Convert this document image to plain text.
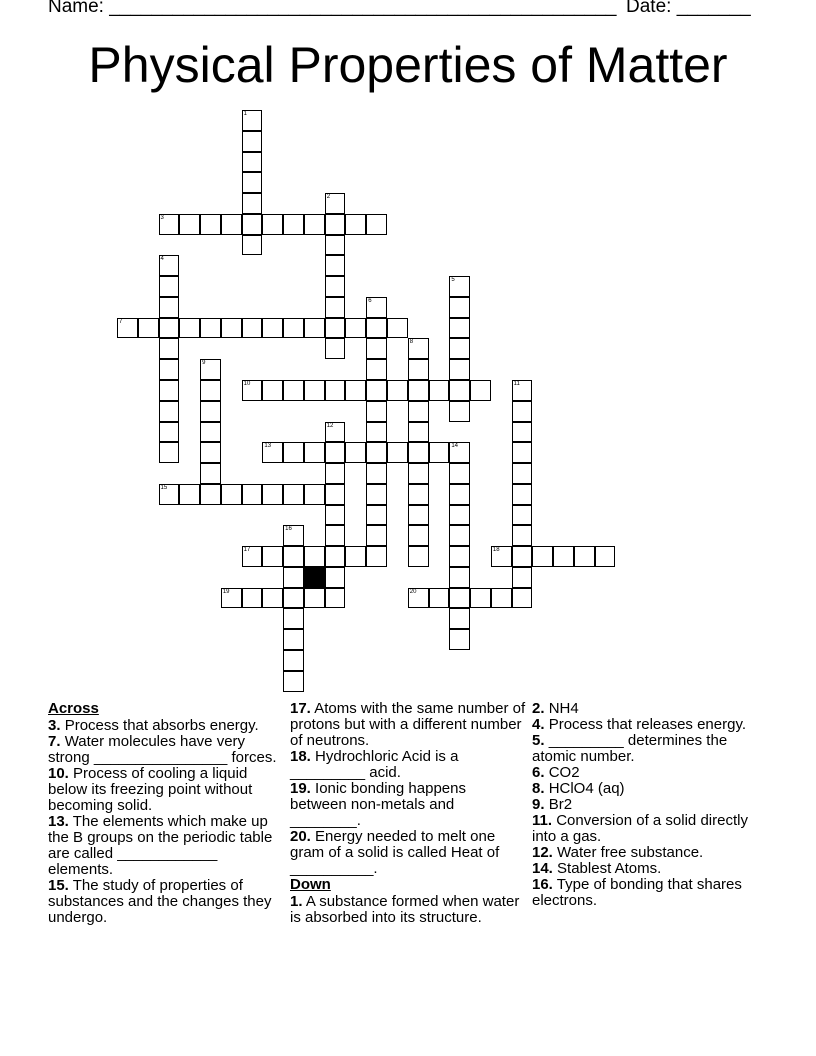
Name: ________________________________________________ Date: _______
Physical Properties of Matter
1
2
3
4
5
6
7
8
9
10	11
12
13	14
15
16
17	18
19	20
Across
3. Process that absorbs energy.
7. Water molecules have very strong ________________ forces.
10. Process of cooling a liquid below its freezing point without becoming solid.
13. The elements which make up the B groups on the periodic table are called ____________ elements.
15. The study of properties of substances and the changes they undergo.
17. Atoms with the same number of protons but with a different number of neutrons.
18. Hydrochloric Acid is a _________ acid.
19. Ionic bonding happens between non-metals and ________.
20. Energy needed to melt one gram of a solid is called Heat of __________.
Down
1. A substance formed when water is absorbed into its structure.
2. NH4
4. Process that releases energy.
5. _________ determines the atomic number.
6. CO2
8. HClO4 (aq)
9. Br2
11. Conversion of a solid directly into a gas.
12. Water free substance.
14. Stablest Atoms.
16. Type of bonding that shares electrons.
